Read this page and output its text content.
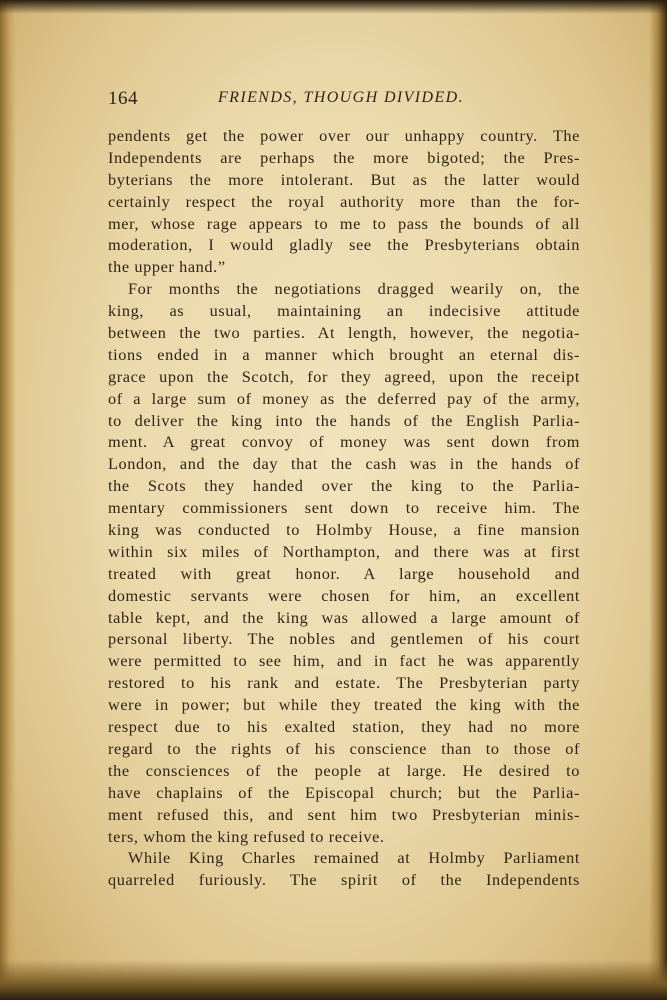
164	FRIENDS, THOUGH DIVIDED.
pendents get the power over our unhappy country. The
Independents are perhaps the more bigoted; the Pres-
byterians the more intolerant. But as the latter would
certainly respect the royal authority more than the for-
mer, whose rage appears to me to pass the bounds of all
moderation, I would gladly see the Presbyterians obtain
the upper hand.”
For months the negotiations dragged wearily on, the
king, as usual, maintaining an indecisive attitude
between the two parties. At length, however, the negotia-
tions ended in a manner which brought an eternal dis-
grace upon the Scotch, for they agreed, upon the receipt
of a large sum of money as the deferred pay of the army,
to deliver the king into the hands of the English Parlia-
ment. A great convoy of money was sent down from
London, and the day that the cash was in the hands of
the Scots they handed over the king to the Parlia-
mentary commissioners sent down to receive him. The
king was conducted to Holmby House, a fine mansion
within six miles of Northampton, and there was at first
treated with great honor. A large household and
domestic servants were chosen for him, an excellent
table kept, and the king was allowed a large amount of
personal liberty. The nobles and gentlemen of his court
were permitted to see him, and in fact he was apparently
restored to his rank and estate. The Presbyterian party
were in power; but while they treated the king with the
respect due to his exalted station, they had no more
regard to the rights of his conscience than to those of
the consciences of the people at large. He desired to
have chaplains of the Episcopal church; but the Parlia-
ment refused this, and sent him two Presbyterian minis-
ters, whom the king refused to receive.
While King Charles remained at Holmby Parliament
quarreled furiously. The spirit of the Independents
